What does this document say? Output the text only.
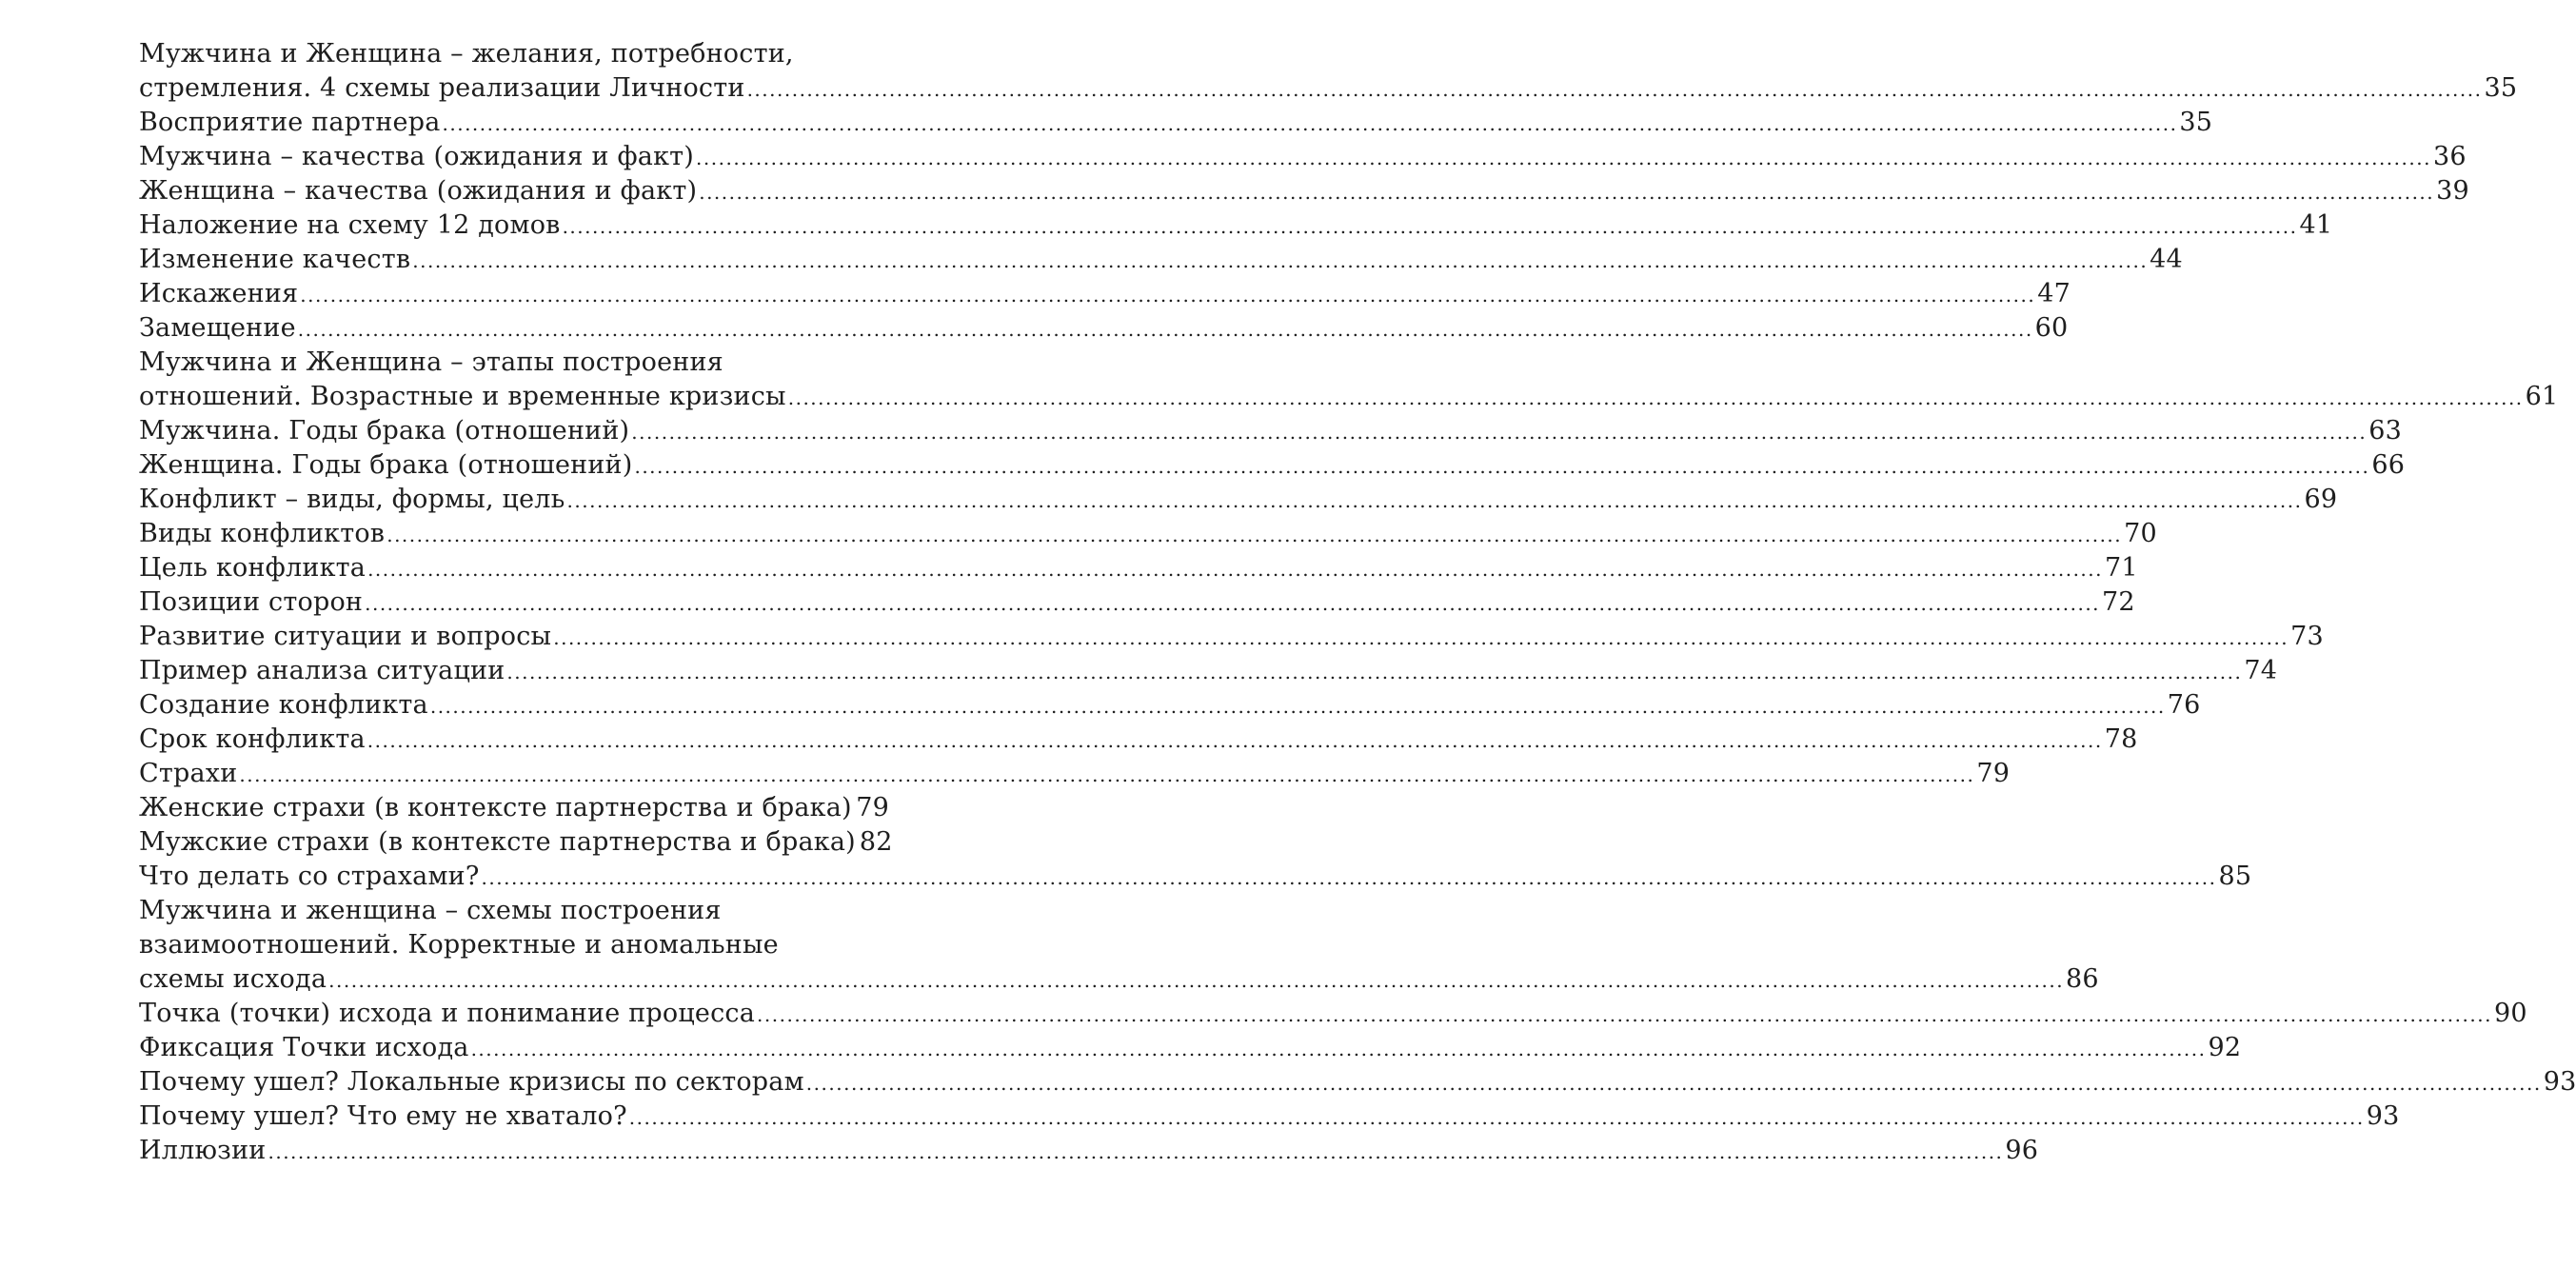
Мужчина и Женщина – желания, потребности,
стремления. 4 схемы реализации Личности .....	35
Восприятие партнера .....	35
Мужчина – качества (ожидания и факт) .....	36
Женщина – качества (ожидания и факт) .....	39
Наложение на схему 12 домов .....	41
Изменение качеств .....	44
Искажения .....	47
Замещение .....	60
Мужчина и Женщина – этапы построения
отношений. Возрастные и временные кризисы .....	61
Мужчина. Годы брака (отношений) .....	63
Женщина. Годы брака (отношений) .....	66
Конфликт – виды, формы, цель .....	69
Виды конфликтов .....	70
Цель конфликта .....	71
Позиции сторон .....	72
Развитие ситуации и вопросы .....	73
Пример анализа ситуации .....	74
Создание конфликта .....	76
Срок конфликта .....	78
Страхи .....	79
Женские страхи (в контексте партнерства и брака) ..... 79
Мужские страхи (в контексте партнерства и брака) 82
Что делать со страхами? .....	85
Мужчина и женщина – схемы построения
взаимоотношений. Корректные и аномальные
схемы исхода .....	86
Точка (точки) исхода и понимание процесса .....	90
Фиксация Точки исхода .....	92
Почему ушел? Локальные кризисы по секторам .....	93
Почему ушел? Что ему не хватало? .....	93
Иллюзии .....	96
